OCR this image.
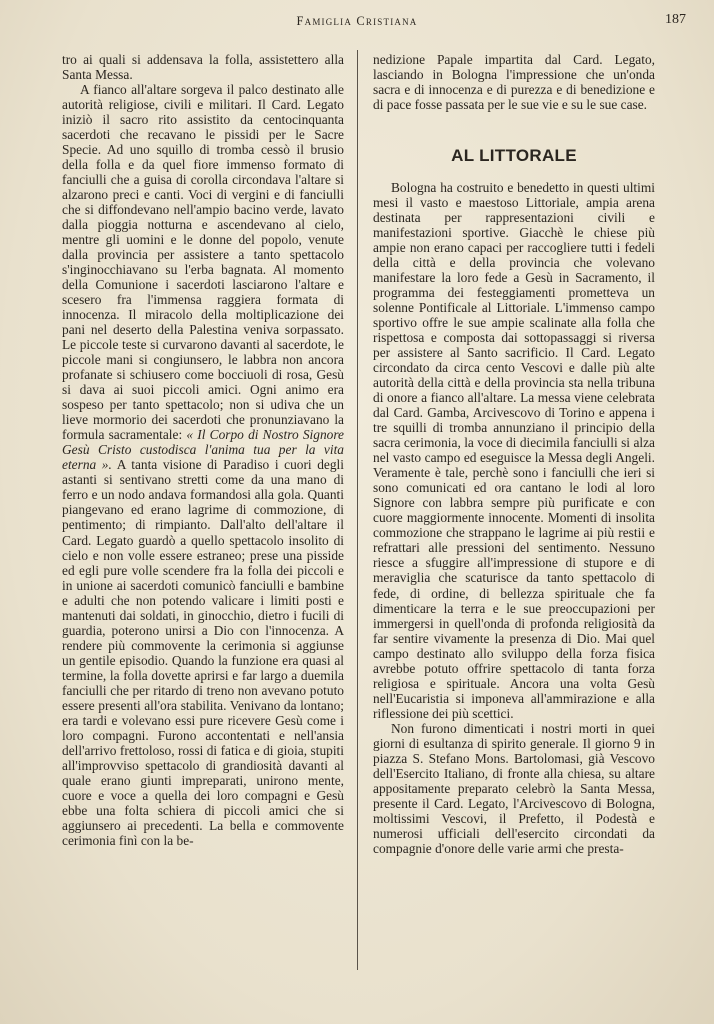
Famiglia Cristiana	187

tro ai quali si addensava la folla, assistettero alla Santa Messa.

A fianco all'altare sorgeva il palco destinato alle autorità religiose, civili e militari. Il Card. Legato iniziò il sacro rito assistito da centocinquanta sacerdoti che recavano le pissidi per le Sacre Specie. Ad uno squillo di tromba cessò il brusio della folla e da quel fiore immenso formato di fanciulli che a guisa di corolla circondava l'altare si alzarono preci e canti. Voci di vergini e di fanciulli che si diffondevano nell'ampio bacino verde, lavato dalla pioggia notturna e ascendevano al cielo, mentre gli uomini e le donne del popolo, venute dalla provincia per assistere a tanto spettacolo s'inginocchiavano su l'erba bagnata. Al momento della Comunione i sacerdoti lasciarono l'altare e scesero fra l'immensa raggiera formata di innocenza. Il miracolo della moltiplicazione dei pani nel deserto della Palestina veniva sorpassato. Le piccole teste si curvarono davanti al sacerdote, le piccole mani si congiunsero, le labbra non ancora profanate si schiusero come bocciuoli di rosa, Gesù si dava ai suoi piccoli amici. Ogni animo era sospeso per tanto spettacolo; non si udiva che un lieve mormorio dei sacerdoti che pronunziavano la formula sacramentale: « Il Corpo di Nostro Signore Gesù Cristo custodisca l'anima tua per la vita eterna ». A tanta visione di Paradiso i cuori degli astanti si sentivano stretti come da una mano di ferro e un nodo andava formandosi alla gola. Quanti piangevano ed erano lagrime di commozione, di pentimento; di rimpianto. Dall'alto dell'altare il Card. Legato guardò a quello spettacolo insolito di cielo e non volle essere estraneo; prese una pisside ed egli pure volle scendere fra la folla dei piccoli e in unione ai sacerdoti comunicò fanciulli e bambine e adulti che non potendo valicare i limiti posti e mantenuti dai soldati, in ginocchio, dietro i fucili di guardia, poterono unirsi a Dio con l'innocenza. A rendere più commovente la cerimonia si aggiunse un gentile episodio. Quando la funzione era quasi al termine, la folla dovette aprirsi e far largo a duemila fanciulli che per ritardo di treno non avevano potuto essere presenti all'ora stabilita. Venivano da lontano; era tardi e volevano essi pure ricevere Gesù come i loro compagni. Furono accontentati e nell'ansia dell'arrivo frettoloso, rossi di fatica e di gioia, stupiti all'improvviso spettacolo di grandiosità davanti al quale erano giunti impreparati, unirono mente, cuore e voce a quella dei loro compagni e Gesù ebbe una folta schiera di piccoli amici che si aggiunsero ai precedenti. La bella e commovente cerimonia finì con la be-

nedizione Papale impartita dal Card. Legato, lasciando in Bologna l'impressione che un'onda sacra e di innocenza e di purezza e di benedizione e di pace fosse passata per le sue vie e su le sue case.

AL LITTORALE

Bologna ha costruito e benedetto in questi ultimi mesi il vasto e maestoso Littoriale, ampia arena destinata per rappresentazioni civili e manifestazioni sportive. Giacchè le chiese più ampie non erano capaci per raccogliere tutti i fedeli della città e della provincia che volevano manifestare la loro fede a Gesù in Sacramento, il programma dei festeggiamenti prometteva un solenne Pontificale al Littoriale. L'immenso campo sportivo offre le sue ampie scalinate alla folla che rispettosa e composta dai sottopassaggi si riversa per assistere al Santo sacrificio. Il Card. Legato circondato da circa cento Vescovi e dalle più alte autorità della città e della provincia sta nella tribuna di onore a fianco all'altare. La messa viene celebrata dal Card. Gamba, Arcivescovo di Torino e appena i tre squilli di tromba annunziano il principio della sacra cerimonia, la voce di diecimila fanciulli si alza nel vasto campo ed eseguisce la Messa degli Angeli. Veramente è tale, perchè sono i fanciulli che ieri si sono comunicati ed ora cantano le lodi al loro Signore con labbra sempre più purificate e con cuore maggiormente innocente. Momenti di insolita commozione che strappano le lagrime ai più restii e refrattari alle pressioni del sentimento. Nessuno riesce a sfuggire all'impressione di stupore e di meraviglia che scaturisce da tanto spettacolo di fede, di ordine, di bellezza spirituale che fa dimenticare la terra e le sue preoccupazioni per immergersi in quell'onda di profonda religiosità da far sentire vivamente la presenza di Dio. Mai quel campo destinato allo sviluppo della forza fisica avrebbe potuto offrire spettacolo di tanta forza religiosa e spirituale. Ancora una volta Gesù nell'Eucaristia si imponeva all'ammirazione e alla riflessione dei più scettici.

Non furono dimenticati i nostri morti in quei giorni di esultanza di spirito generale. Il giorno 9 in piazza S. Stefano Mons. Bartolomasi, già Vescovo dell'Esercito Italiano, di fronte alla chiesa, su altare appositamente preparato celebrò la Santa Messa, presente il Card. Legato, l'Arcivescovo di Bologna, moltissimi Vescovi, il Prefetto, il Podestà e numerosi ufficiali dell'esercito circondati da compagnie d'onore delle varie armi che presta-
